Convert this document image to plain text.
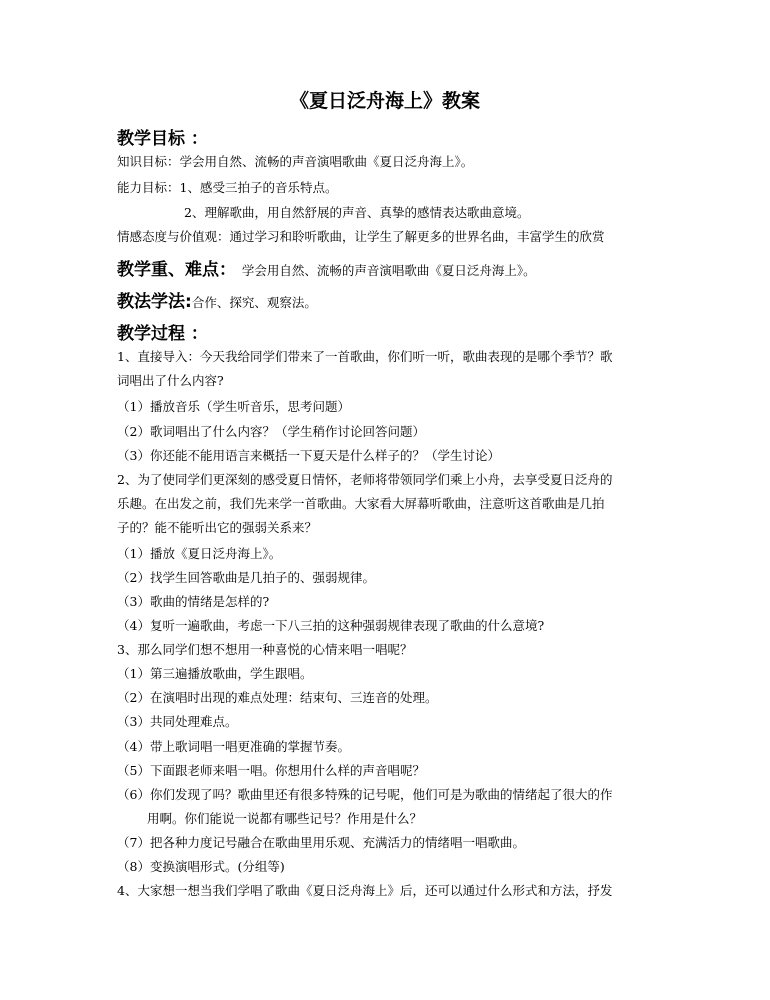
《夏日泛舟海上》教案
教学目标 ：
知识目标：学会用自然、流畅的声音演唱歌曲《夏日泛舟海上》。
能力目标：1、感受三拍子的音乐特点。
2、理解歌曲，用自然舒展的声音、真挚的感情表达歌曲意境。
情感态度与价值观：通过学习和聆听歌曲，让学生了解更多的世界名曲，丰富学生的欣赏
教学重、难点： 学会用自然、流畅的声音演唱歌曲《夏日泛舟海上》。
教法学法:合作、探究、观察法。
教学过程 ：
1、直接导入：今天我给同学们带来了一首歌曲，你们听一听，歌曲表现的是哪个季节？歌
词唱出了什么内容?
（1）播放音乐（学生听音乐，思考问题）
（2）歌词唱出了什么内容？（学生稍作讨论回答问题）
（3）你还能不能用语言来概括一下夏天是什么样子的？（学生讨论）
2、为了使同学们更深刻的感受夏日情怀，老师将带领同学们乘上小舟，去享受夏日泛舟的
乐趣。在出发之前，我们先来学一首歌曲。大家看大屏幕听歌曲，注意听这首歌曲是几拍
子的？能不能听出它的强弱关系来？
（1）播放《夏日泛舟海上》。
（2）找学生回答歌曲是几拍子的、强弱规律。
（3）歌曲的情绪是怎样的?
（4）复听一遍歌曲，考虑一下八三拍的这种强弱规律表现了歌曲的什么意境?
3、那么同学们想不想用一种喜悦的心情来唱一唱呢？
（1）第三遍播放歌曲，学生跟唱。
（2）在演唱时出现的难点处理：结束句、三连音的处理。
（3）共同处理难点。
（4）带上歌词唱一唱更准确的掌握节奏。
（5）下面跟老师来唱一唱。你想用什么样的声音唱呢？
（6）你们发现了吗？歌曲里还有很多特殊的记号呢，他们可是为歌曲的情绪起了很大的作
用啊。你们能说一说都有哪些记号？作用是什么？
（7）把各种力度记号融合在歌曲里用乐观、充满活力的情绪唱一唱歌曲。
（8）变换演唱形式。(分组等)
4、大家想一想当我们学唱了歌曲《夏日泛舟海上》后，还可以通过什么形式和方法，抒发
